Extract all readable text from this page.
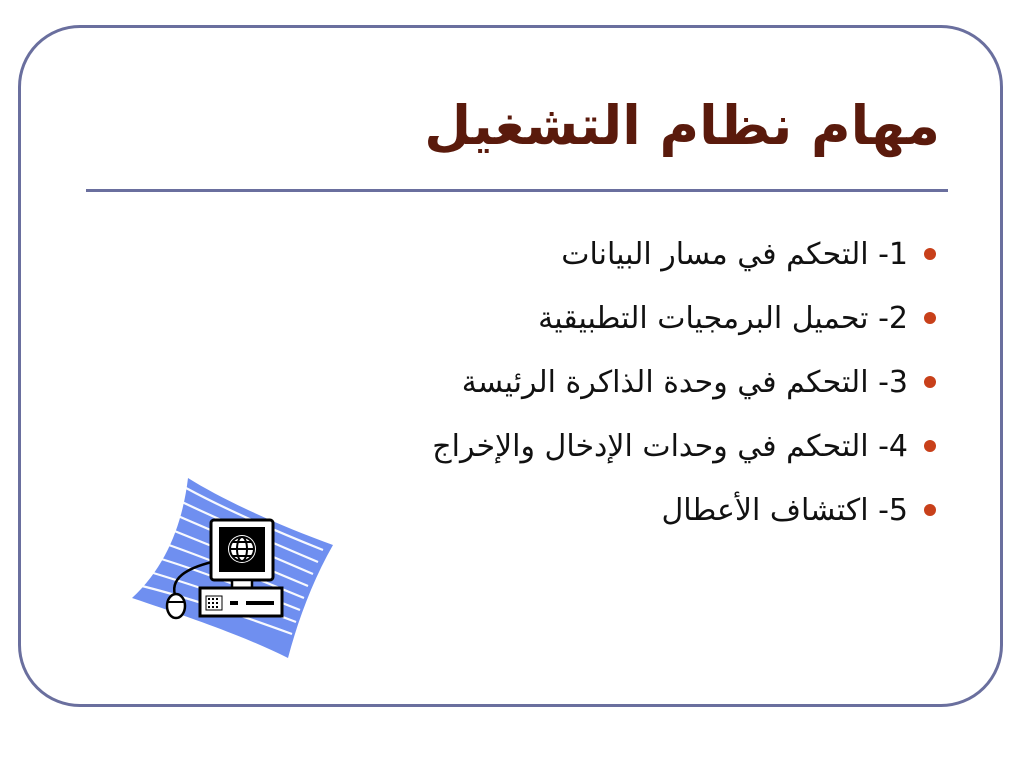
مهام نظام التشغيل
1- التحكم في مسار البيانات
2- تحميل البرمجيات التطبيقية
3- التحكم في وحدة الذاكرة الرئيسة
4- التحكم في وحدات الإدخال والإخراج
5- اكتشاف الأعطال
